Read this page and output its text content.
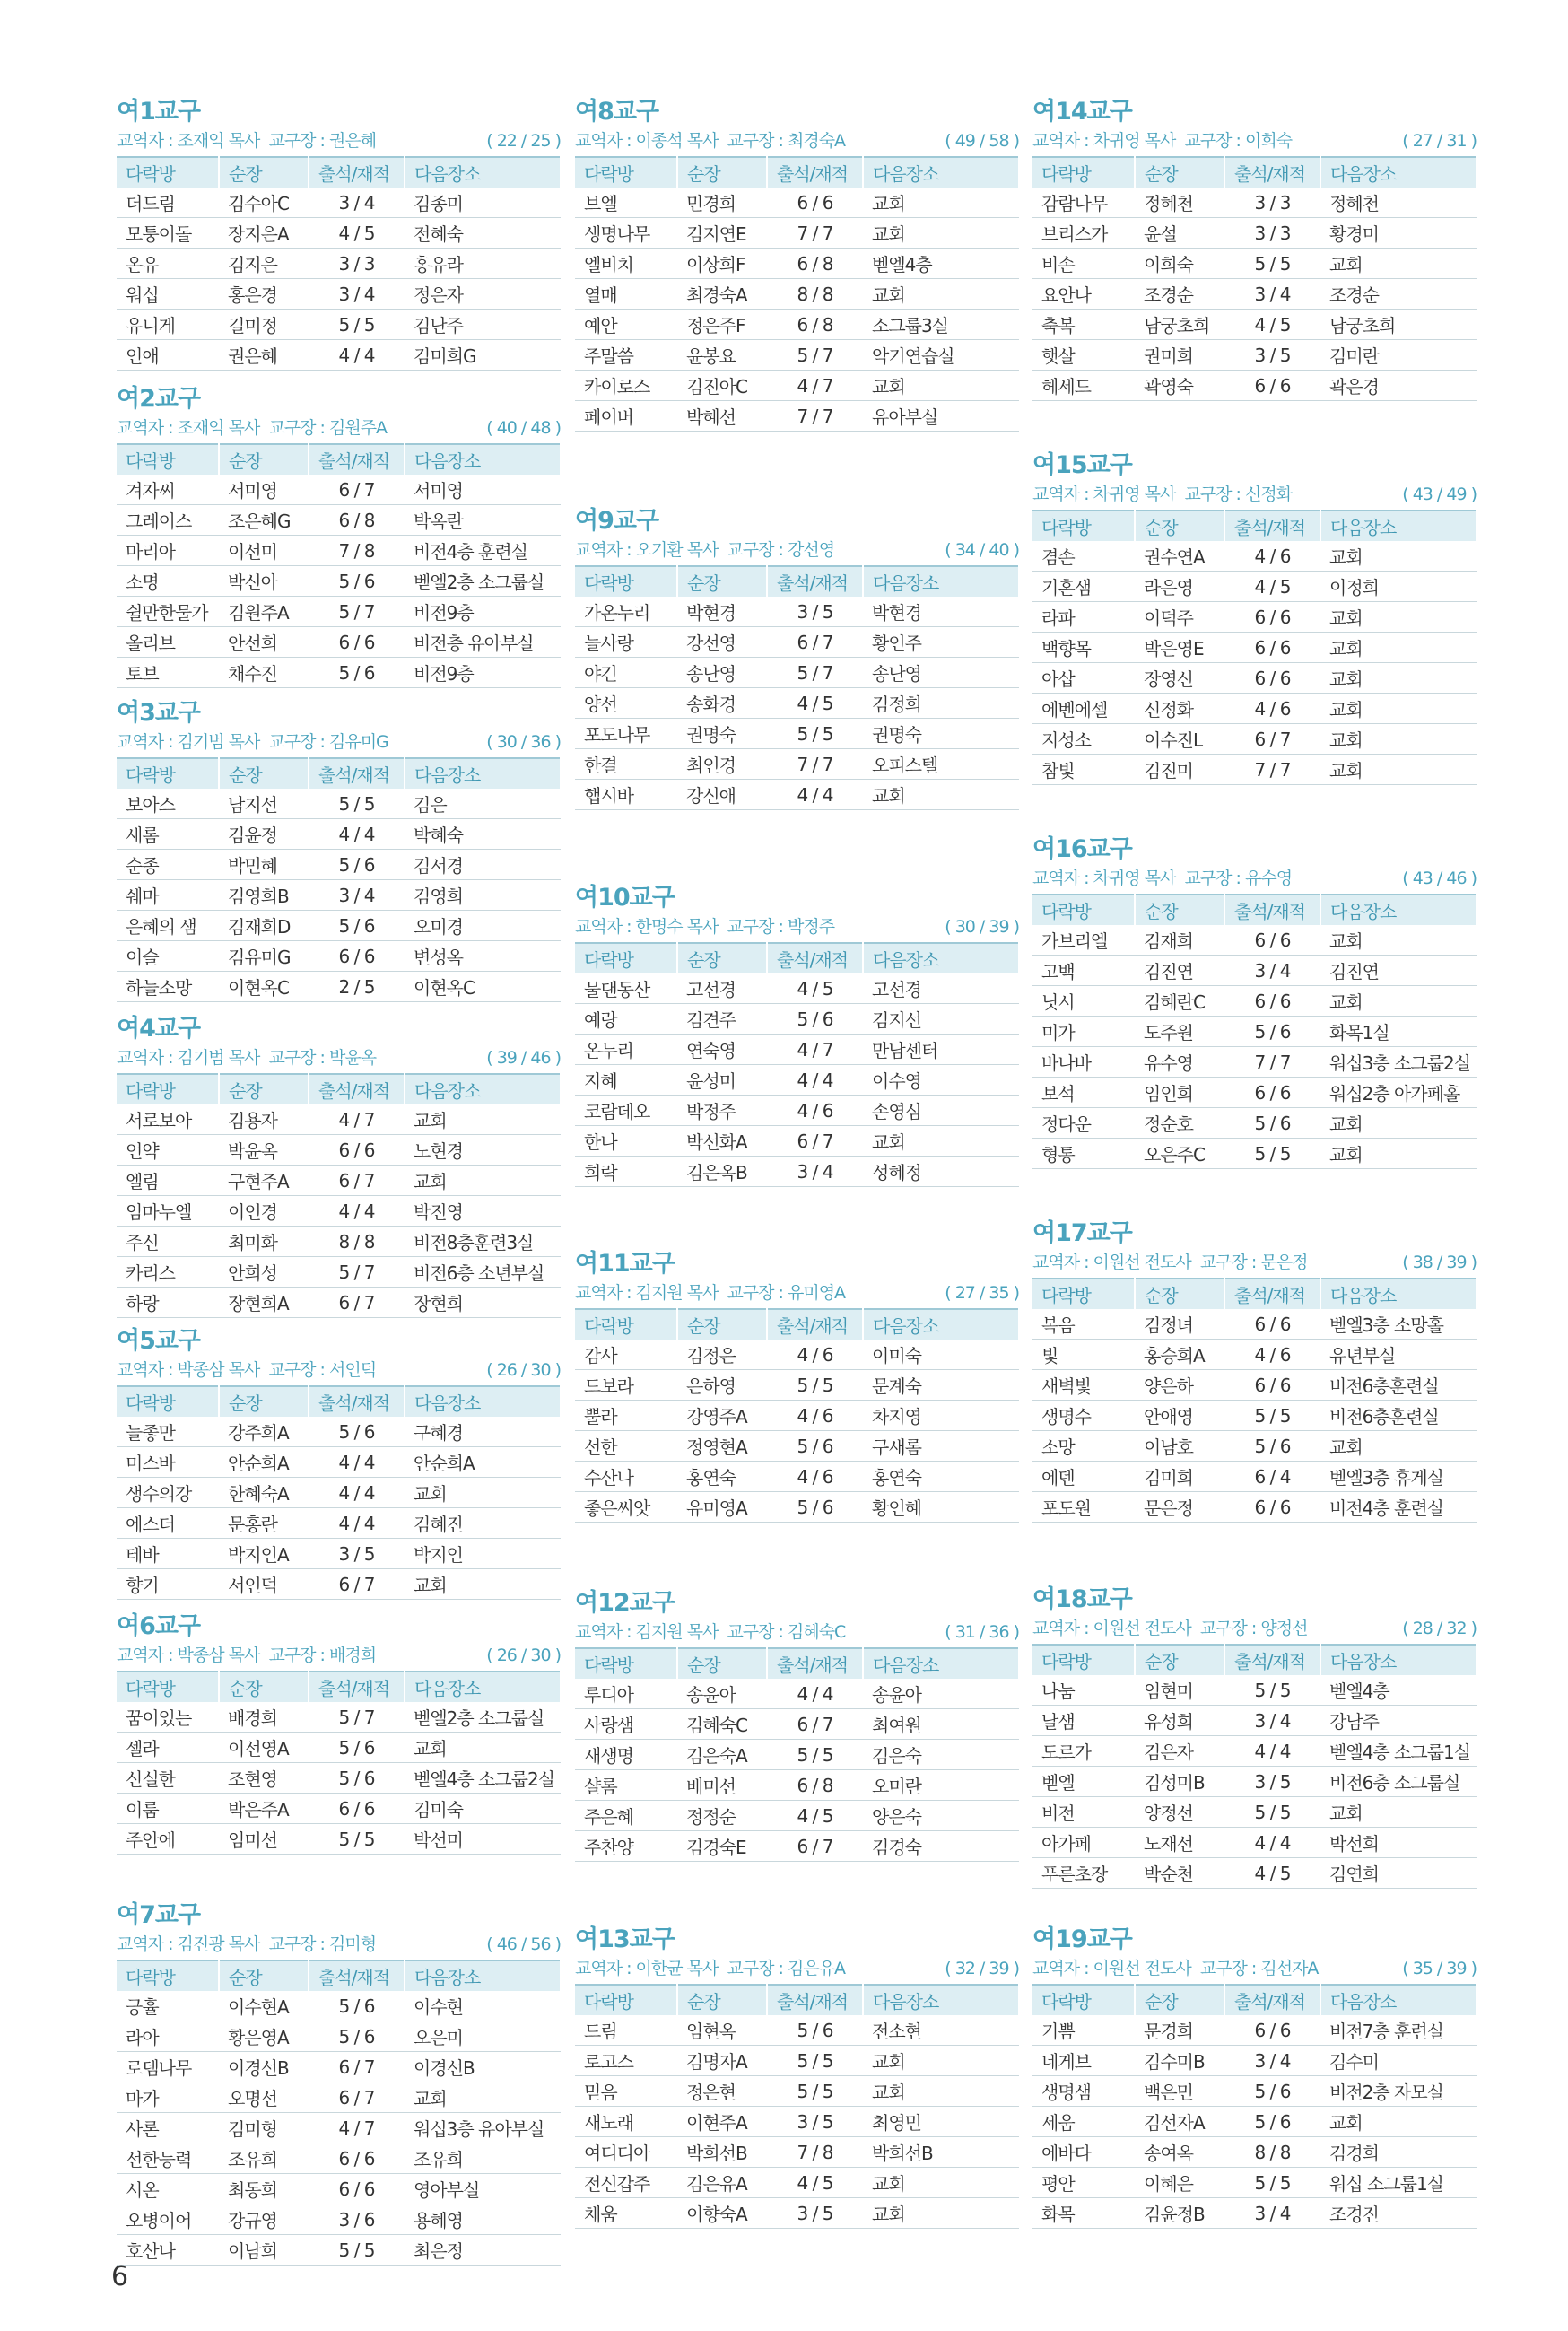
여1교구
교역자 : 조재익 목사 교구장 : 권은혜	( 22 / 25 )
다락방	순장	출석/재적	다음장소
더드림	김수아C	3 / 4	김종미
모퉁이돌	장지은A	4 / 5	전혜숙
온유	김지은	3 / 3	홍유라
워십	홍은경	3 / 4	정은자
유니게	길미정	5 / 5	김난주
인애	권은혜	4 / 4	김미희G
여2교구
교역자 : 조재익 목사 교구장 : 김원주A	( 40 / 48 )
다락방	순장	출석/재적	다음장소
겨자씨	서미영	6 / 7	서미영
그레이스	조은혜G	6 / 8	박옥란
마리아	이선미	7 / 8	비전4층 훈련실
소명	박신아	5 / 6	벧엘2층 소그룹실
쉴만한물가	김원주A	5 / 7	비전9층
올리브	안선희	6 / 6	비전층 유아부실
토브	채수진	5 / 6	비전9층
여3교구
교역자 : 김기범 목사 교구장 : 김유미G	( 30 / 36 )
다락방	순장	출석/재적	다음장소
보아스	남지선	5 / 5	김은
새롬	김윤정	4 / 4	박혜숙
순종	박민혜	5 / 6	김서경
쉐마	김영희B	3 / 4	김영희
은혜의 샘	김재희D	5 / 6	오미경
이슬	김유미G	6 / 6	변성옥
하늘소망	이현옥C	2 / 5	이현옥C
여4교구
교역자 : 김기범 목사 교구장 : 박윤옥	( 39 / 46 )
다락방	순장	출석/재적	다음장소
서로보아	김용자	4 / 7	교회
언약	박윤옥	6 / 6	노현경
엘림	구현주A	6 / 7	교회
임마누엘	이인경	4 / 4	박진영
주신	최미화	8 / 8	비전8층훈련3실
카리스	안희성	5 / 7	비전6층 소년부실
하랑	장현희A	6 / 7	장현희
여5교구
교역자 : 박종삼 목사 교구장 : 서인덕	( 26 / 30 )
다락방	순장	출석/재적	다음장소
늘좋만	강주희A	5 / 6	구혜경
미스바	안순희A	4 / 4	안순희A
생수의강	한혜숙A	4 / 4	교회
에스더	문홍란	4 / 4	김혜진
테바	박지인A	3 / 5	박지인
향기	서인덕	6 / 7	교회
여6교구
교역자 : 박종삼 목사 교구장 : 배경희	( 26 / 30 )
다락방	순장	출석/재적	다음장소
꿈이있는	배경희	5 / 7	벧엘2층 소그룹실
셀라	이선영A	5 / 6	교회
신실한	조현영	5 / 6	벧엘4층 소그룹2실
이룸	박은주A	6 / 6	김미숙
주안에	임미선	5 / 5	박선미
여7교구
교역자 : 김진광 목사 교구장 : 김미형	( 46 / 56 )
다락방	순장	출석/재적	다음장소
긍휼	이수현A	5 / 6	이수현
라아	황은영A	5 / 6	오은미
로뎀나무	이경선B	6 / 7	이경선B
마가	오명선	6 / 7	교회
사론	김미형	4 / 7	워십3층 유아부실
선한능력	조유희	6 / 6	조유희
시온	최동희	6 / 6	영아부실
오병이어	강규영	3 / 6	용혜영
호산나	이남희	5 / 5	최은정
여8교구
교역자 : 이종석 목사 교구장 : 최경숙A	( 49 / 58 )
다락방	순장	출석/재적	다음장소
브엘	민경희	6 / 6	교회
생명나무	김지연E	7 / 7	교회
엘비치	이상희F	6 / 8	벧엘4층
열매	최경숙A	8 / 8	교회
예안	정은주F	6 / 8	소그룹3실
주말씀	윤봉요	5 / 7	악기연습실
카이로스	김진아C	4 / 7	교회
페이버	박혜선	7 / 7	유아부실
여9교구
교역자 : 오기환 목사 교구장 : 강선영	( 34 / 40 )
다락방	순장	출석/재적	다음장소
가온누리	박현경	3 / 5	박현경
늘사랑	강선영	6 / 7	황인주
야긴	송난영	5 / 7	송난영
양선	송화경	4 / 5	김정희
포도나무	권명숙	5 / 5	권명숙
한결	최인경	7 / 7	오피스텔
햅시바	강신애	4 / 4	교회
여10교구
교역자 : 한명수 목사 교구장 : 박정주	( 30 / 39 )
다락방	순장	출석/재적	다음장소
물댄동산	고선경	4 / 5	고선경
예랑	김견주	5 / 6	김지선
온누리	연숙영	4 / 7	만남센터
지혜	윤성미	4 / 4	이수영
코람데오	박정주	4 / 6	손영심
한나	박선화A	6 / 7	교회
희락	김은옥B	3 / 4	성혜정
여11교구
교역자 : 김지원 목사 교구장 : 유미영A	( 27 / 35 )
다락방	순장	출석/재적	다음장소
감사	김정은	4 / 6	이미숙
드보라	은하영	5 / 5	문계숙
뿔라	강영주A	4 / 6	차지영
선한	정영현A	5 / 6	구새롬
수산나	홍연숙	4 / 6	홍연숙
좋은씨앗	유미영A	5 / 6	황인혜
여12교구
교역자 : 김지원 목사 교구장 : 김혜숙C	( 31 / 36 )
다락방	순장	출석/재적	다음장소
루디아	송윤아	4 / 4	송윤아
사랑샘	김혜숙C	6 / 7	최여원
새생명	김은숙A	5 / 5	김은숙
샬롬	배미선	6 / 8	오미란
주은혜	정정순	4 / 5	양은숙
주찬양	김경숙E	6 / 7	김경숙
여13교구
교역자 : 이한균 목사 교구장 : 김은유A	( 32 / 39 )
다락방	순장	출석/재적	다음장소
드림	임현옥	5 / 6	전소현
로고스	김명자A	5 / 5	교회
믿음	정은현	5 / 5	교회
새노래	이현주A	3 / 5	최영민
여디디아	박희선B	7 / 8	박희선B
전신갑주	김은유A	4 / 5	교회
채움	이향숙A	3 / 5	교회
여14교구
교역자 : 차귀영 목사 교구장 : 이희숙	( 27 / 31 )
다락방	순장	출석/재적	다음장소
감람나무	정혜천	3 / 3	정혜천
브리스가	윤설	3 / 3	황경미
비손	이희숙	5 / 5	교회
요안나	조경순	3 / 4	조경순
축복	남궁초희	4 / 5	남궁초희
햇살	권미희	3 / 5	김미란
헤세드	곽영숙	6 / 6	곽은경
여15교구
교역자 : 차귀영 목사 교구장 : 신정화	( 43 / 49 )
다락방	순장	출석/재적	다음장소
겸손	권수연A	4 / 6	교회
기혼샘	라은영	4 / 5	이정희
라파	이덕주	6 / 6	교회
백향목	박은영E	6 / 6	교회
아삽	장영신	6 / 6	교회
에벤에셀	신정화	4 / 6	교회
지성소	이수진L	6 / 7	교회
참빛	김진미	7 / 7	교회
여16교구
교역자 : 차귀영 목사 교구장 : 유수영	( 43 / 46 )
다락방	순장	출석/재적	다음장소
가브리엘	김재희	6 / 6	교회
고백	김진연	3 / 4	김진연
닛시	김혜란C	6 / 6	교회
미가	도주원	5 / 6	화목1실
바나바	유수영	7 / 7	워십3층 소그룹2실
보석	임인희	6 / 6	워십2층 아가페홀
정다운	정순호	5 / 6	교회
형통	오은주C	5 / 5	교회
여17교구
교역자 : 이원선 전도사 교구장 : 문은정	( 38 / 39 )
다락방	순장	출석/재적	다음장소
복음	김정녀	6 / 6	벧엘3층 소망홀
빛	홍승희A	4 / 6	유년부실
새벽빛	양은하	6 / 6	비전6층훈련실
생명수	안애영	5 / 5	비전6층훈련실
소망	이남호	5 / 6	교회
에덴	김미희	6 / 4	벧엘3층 휴게실
포도원	문은정	6 / 6	비전4층 훈련실
여18교구
교역자 : 이원선 전도사 교구장 : 양정선	( 28 / 32 )
다락방	순장	출석/재적	다음장소
나눔	임현미	5 / 5	벧엘4층
날샘	유성희	3 / 4	강남주
도르가	김은자	4 / 4	벧엘4층 소그룹1실
벧엘	김성미B	3 / 5	비전6층 소그룹실
비전	양정선	5 / 5	교회
아가페	노재선	4 / 4	박선희
푸른초장	박순천	4 / 5	김연희
여19교구
교역자 : 이원선 전도사 교구장 : 김선자A	( 35 / 39 )
다락방	순장	출석/재적	다음장소
기쁨	문경희	6 / 6	비전7층 훈련실
네게브	김수미B	3 / 4	김수미
생명샘	백은민	5 / 6	비전2층 자모실
세움	김선자A	5 / 6	교회
에바다	송여옥	8 / 8	김경희
평안	이혜은	5 / 5	워십 소그룹1실
화목	김윤정B	3 / 4	조경진
6
